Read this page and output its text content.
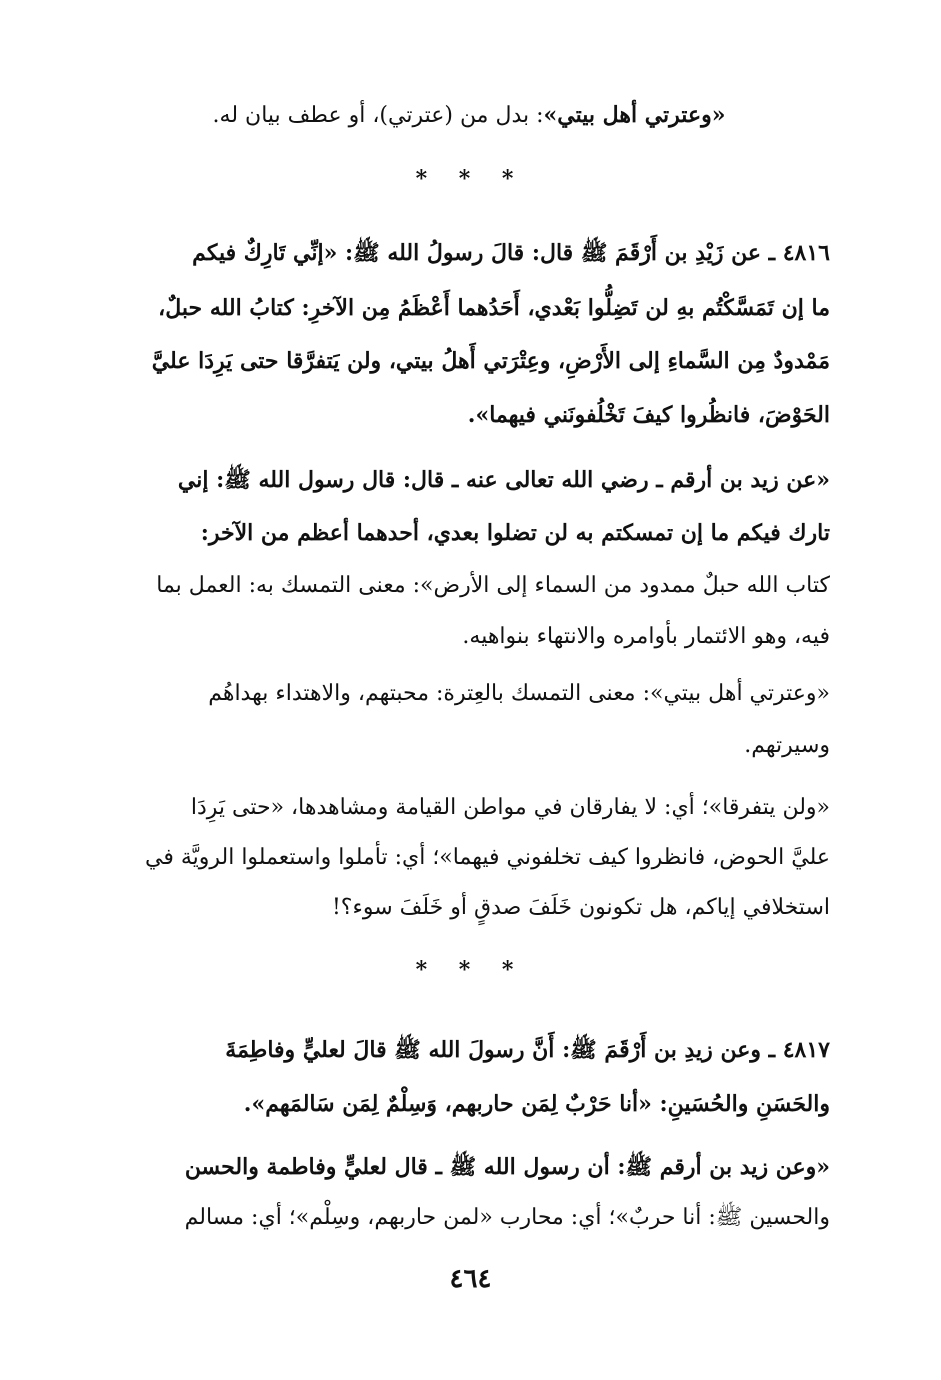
«وعترتي أهل بيتي»: بدل من (عترتي)، أو عطف بيان له.
٤٨١٦ ـ عن زَيْدِ بن أَرْقَمَ ﷺ قال: قالَ رسولُ الله ﷺ: «إنِّي تَارِكٌ فيكم
ما إن تَمَسَّكْتُم بهِ لن تَضِلُّوا بَعْدي، أَحَدُهما أَعْظَمُ مِن الآخرِ: كتابُ الله حبلٌ،
مَمْدودٌ مِن السَّماءِ إلى الأَرْضِ، وعِتْرَتي أَهلُ بيتي، ولن يَتفرَّقا حتى يَرِدَا عليَّ
الحَوْضَ، فانظُروا كيفَ تَخْلُفونَني فيهما».
«عن زيد بن أرقم ـ رضي الله تعالى عنه ـ قال: قال رسول الله ﷺ: إني
تارك فيكم ما إن تمسكتم به لن تضلوا بعدي، أحدهما أعظم من الآخر:
كتاب الله حبلٌ ممدود من السماء إلى الأرض»: معنى التمسك به: العمل بما
فيه، وهو الائتمار بأوامره والانتهاء بنواهيه.
«وعترتي أهل بيتي»: معنى التمسك بالعِترة: محبتهم، والاهتداء بهداهُم
وسيرتهم.
«ولن يتفرقا»؛ أي: لا يفارقان في مواطن القيامة ومشاهدها، «حتى يَرِدَا
عليَّ الحوض، فانظروا كيف تخلفوني فيهما»؛ أي: تأملوا واستعملوا الرويَّة في
استخلافي إياكم، هل تكونون خَلَفَ صدقٍ أو خَلَفَ سوء؟!
٤٨١٧ ـ وعن زيدِ بن أَرْقَمَ ﷺ: أَنَّ رسولَ الله ﷺ قالَ لعليٍّ وفاطِمَةَ
والحَسَنِ والحُسَينِ: «أنا حَرْبٌ لِمَن حاربهم، وَسِلْمٌ لِمَن سَالمَهم».
«وعن زيد بن أرقم ﷺ: أن رسول الله ﷺ ـ قال لعليٍّ وفاطمة والحسن
والحسين ﷺ: أنا حربٌ»؛ أي: محارب «لمن حاربهم، وسِلْم»؛ أي: مسالم
* * *
* * *
٤٦٤
